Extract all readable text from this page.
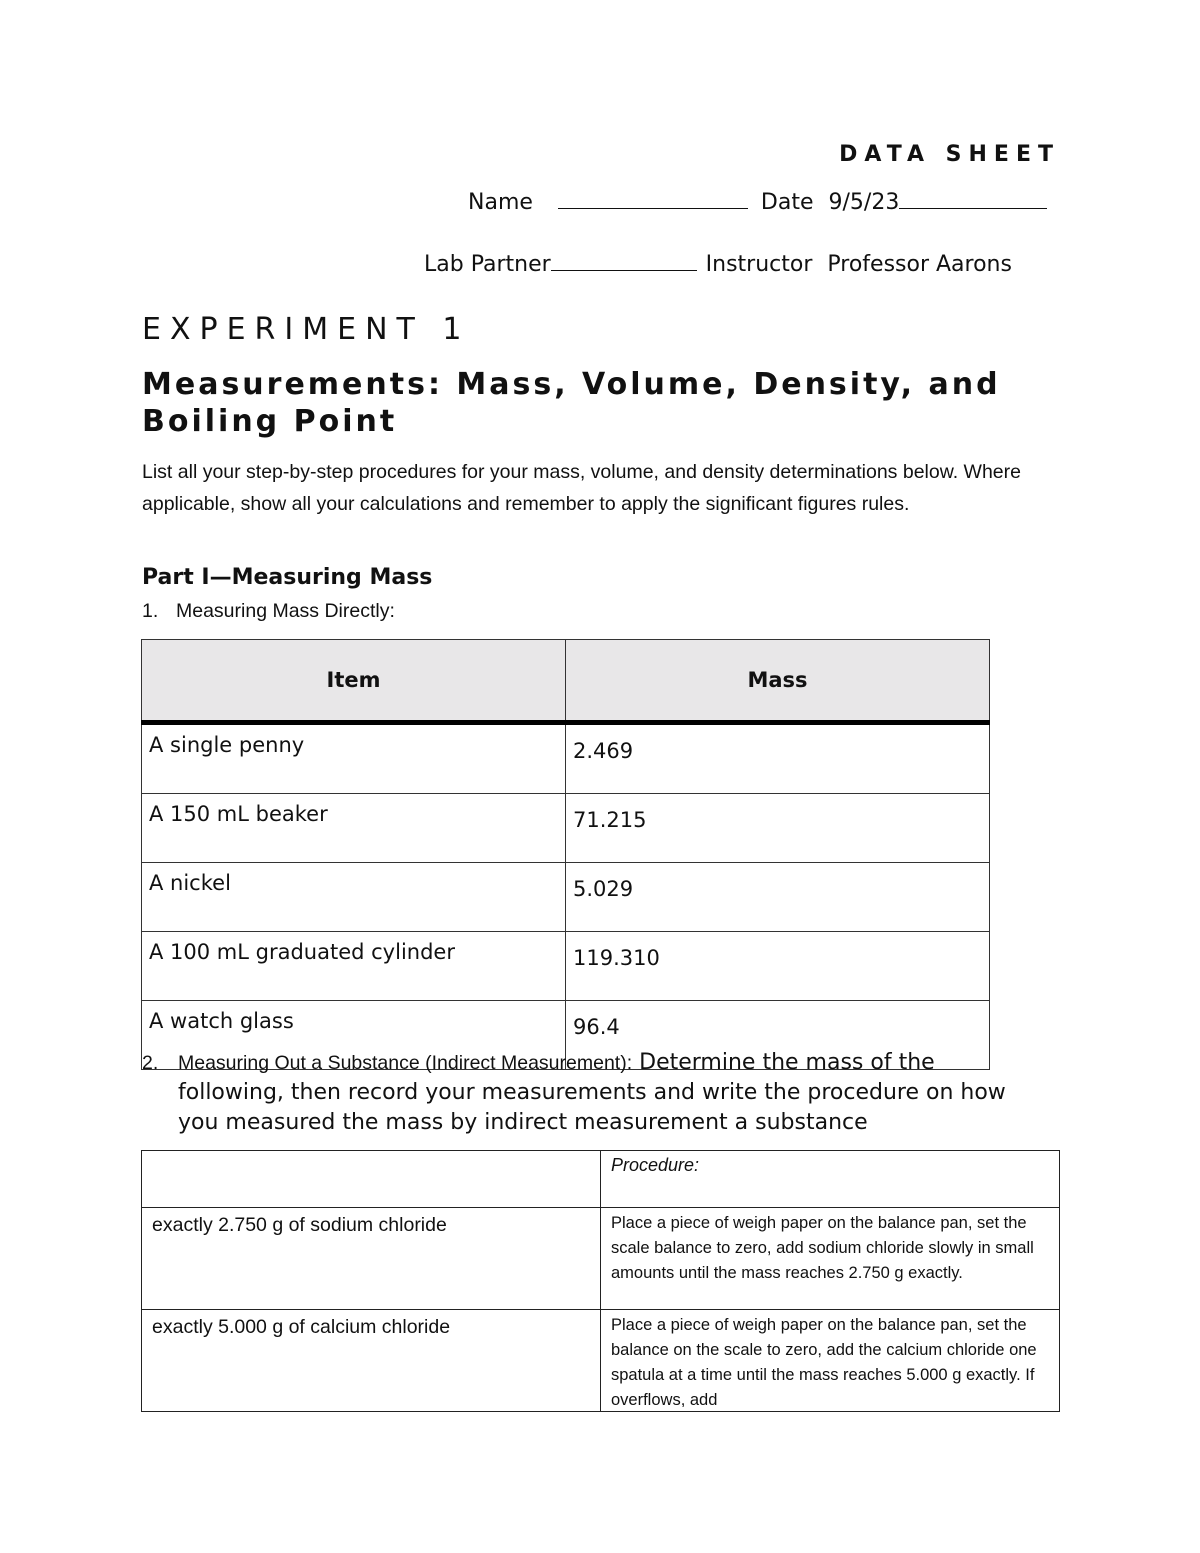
DATA SHEET
Name	Date 9/5/23
Lab Partner	Instructor Professor Aarons
EXPERIMENT 1
Measurements: Mass, Volume, Density, and Boiling Point
List all your step-by-step procedures for your mass, volume, and density determinations below. Where applicable, show all your calculations and remember to apply the significant figures rules.
Part I—Measuring Mass
1. Measuring Mass Directly:
Item	Mass
A single penny	2.469
A 150 mL beaker	71.215
A nickel	5.029
A 100 mL graduated cylinder	119.310
A watch glass	96.4
2.	Measuring Out a Substance (Indirect Measurement): Determine the mass of the following, then record your measurements and write the procedure on how you measured the mass by indirect measurement a substance
	Procedure:
exactly 2.750 g of sodium chloride	Place a piece of weigh paper on the balance pan, set the scale balance to zero, add sodium chloride slowly in small amounts until the mass reaches 2.750 g exactly.

exactly 5.000 g of calcium chloride	Place a piece of weigh paper on the balance pan, set the balance on the scale to zero, add the calcium chloride one spatula at a time until the mass reaches 5.000 g exactly. If overflows, add
